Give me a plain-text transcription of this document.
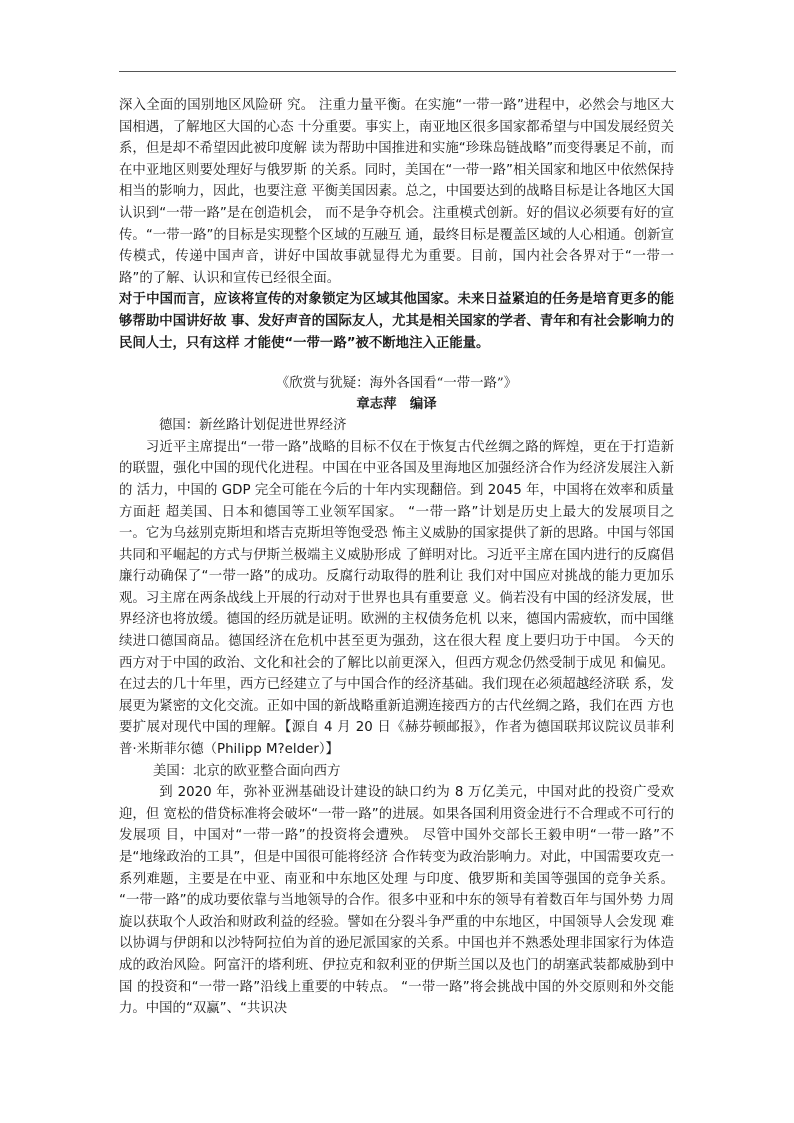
深入全面的国别地区风险研 究。 注重力量平衡。在实施“一带一路”进程中，必然会与地区大国相遇，了解地区大国的心态 十分重要。事实上，南亚地区很多国家都希望与中国发展经贸关系，但是却不希望因此被印度解 读为帮助中国推进和实施“珍珠岛链战略”而变得裹足不前，而在中亚地区则要处理好与俄罗斯 的关系。同时，美国在“一带一路”相关国家和地区中依然保持相当的影响力，因此，也要注意 平衡美国因素。总之，中国要达到的战略目标是让各地区大国认识到“一带一路”是在创造机会， 而不是争夺机会。注重模式创新。好的倡议必须要有好的宣传。“一带一路”的目标是实现整个区域的互融互 通，最终目标是覆盖区域的人心相通。创新宣传模式，传递中国声音，讲好中国故事就显得尤为重要。目前，国内社会各界对于“一带一路”的了解、认识和宣传已经很全面。

对于中国而言，应该将宣传的对象锁定为区域其他国家。未来日益紧迫的任务是培育更多的能够帮助中国讲好故 事、发好声音的国际友人，尤其是相关国家的学者、青年和有社会影响力的民间人士，只有这样 才能使“一带一路”被不断地注入正能量。

《欣赏与犹疑：海外各国看“一带一路”》

章志萍　编译

德国：新丝路计划促进世界经济

习近平主席提出“一带一路”战略的目标不仅在于恢复古代丝绸之路的辉煌，更在于打造新 的联盟，强化中国的现代化进程。中国在中亚各国及里海地区加强经济合作为经济发展注入新的 活力，中国的 GDP 完全可能在今后的十年内实现翻倍。到 2045 年，中国将在效率和质量方面赶 超美国、日本和德国等工业领军国家。 “一带一路”计划是历史上最大的发展项目之一。它为乌兹别克斯坦和塔吉克斯坦等饱受恐 怖主义威胁的国家提供了新的思路。中国与邻国共同和平崛起的方式与伊斯兰极端主义威胁形成 了鲜明对比。习近平主席在国内进行的反腐倡廉行动确保了“一带一路”的成功。反腐行动取得的胜利让 我们对中国应对挑战的能力更加乐观。习主席在两条战线上开展的行动对于世界也具有重要意 义。倘若没有中国的经济发展，世界经济也将放缓。德国的经历就是证明。欧洲的主权债务危机 以来，德国内需疲软，而中国继续进口德国商品。德国经济在危机中甚至更为强劲，这在很大程 度上要归功于中国。 今天的西方对于中国的政治、文化和社会的了解比以前更深入，但西方观念仍然受制于成见 和偏见。在过去的几十年里，西方已经建立了与中国合作的经济基础。我们现在必须超越经济联 系，发展更为紧密的文化交流。正如中国的新战略重新追溯连接西方的古代丝绸之路，我们在西 方也要扩展对现代中国的理解。【源自 4 月 20 日《赫芬顿邮报》，作者为德国联邦议院议员菲利 普·米斯菲尔德（Philipp M?elder）】

美国：北京的欧亚整合面向西方

到 2020 年，弥补亚洲基础设计建设的缺口约为 8 万亿美元，中国对此的投资广受欢迎，但 宽松的借贷标准将会破坏“一带一路”的进展。如果各国利用资金进行不合理或不可行的发展项 目，中国对“一带一路”的投资将会遭殃。 尽管中国外交部长王毅申明“一带一路”不是“地缘政治的工具”，但是中国很可能将经济 合作转变为政治影响力。对此，中国需要攻克一系列难题，主要是在中亚、南亚和中东地区处理 与印度、俄罗斯和美国等强国的竞争关系。 “一带一路”的成功要依靠与当地领导的合作。很多中亚和中东的领导有着数百年与国外势 力周旋以获取个人政治和财政利益的经验。譬如在分裂斗争严重的中东地区，中国领导人会发现 难以协调与伊朗和以沙特阿拉伯为首的逊尼派国家的关系。中国也并不熟悉处理非国家行为体造 成的政治风险。阿富汗的塔利班、伊拉克和叙利亚的伊斯兰国以及也门的胡塞武装都威胁到中国 的投资和“一带一路”沿线上重要的中转点。 “一带一路”将会挑战中国的外交原则和外交能力。中国的“双赢”、“共识决
